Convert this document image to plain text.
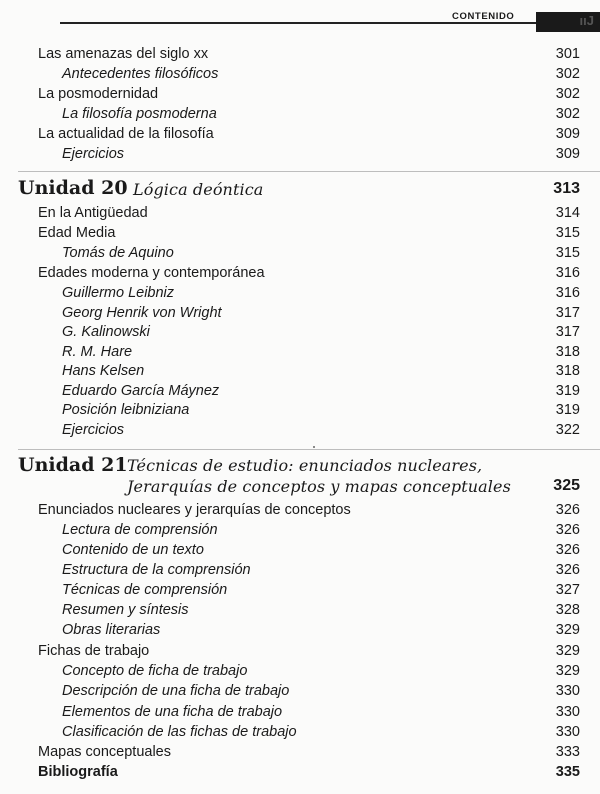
CONTENIDO	ııJ
Las amenazas del siglo xx	301
Antecedentes filosóficos	302
La posmodernidad	302
La filosofía posmoderna	302
La actualidad de la filosofía	309
Ejercicios	309
Unidad 20 Lógica deóntica	313
En la Antigüedad	314
Edad Media	315
Tomás de Aquino	315
Edades moderna y contemporánea	316
Guillermo Leibniz	316
Georg Henrik von Wright	317
G. Kalinowski	317
R. M. Hare	318
Hans Kelsen	318
Eduardo García Máynez	319
Posición leibniziana	319
Ejercicios	322
Unidad 21 Técnicas de estudio: enunciados nucleares,
Jerarquías de conceptos y mapas conceptuales	325
Enunciados nucleares y jerarquías de conceptos	326
Lectura de comprensión	326
Contenido de un texto	326
Estructura de la comprensión	326
Técnicas de comprensión	327
Resumen y síntesis	328
Obras literarias	329
Fichas de trabajo	329
Concepto de ficha de trabajo	329
Descripción de una ficha de trabajo	330
Elementos de una ficha de trabajo	330
Clasificación de las fichas de trabajo	330
Mapas conceptuales	333
Bibliografía	335
